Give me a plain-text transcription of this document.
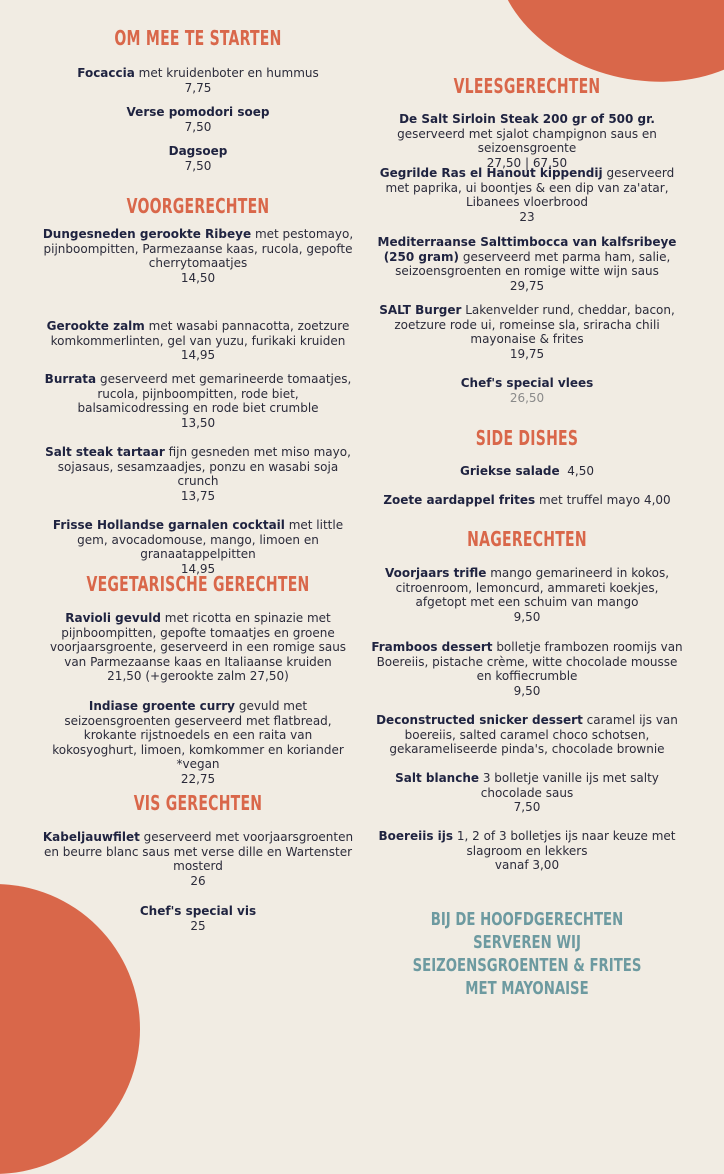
OM MEE TE STARTEN
Focaccia met kruidenboter en hummus
7,75
Verse pomodori soep
7,50
Dagsoep
7,50
VOORGERECHTEN
Dungesneden gerookte Ribeye met pestomayo, pijnboompitten, Parmezaanse kaas, rucola, gepofte cherrytomaatjes
14,50
Gerookte zalm met wasabi pannacotta, zoetzure komkommerlinten, gel van yuzu, furikaki kruiden
14,95
Burrata geserveerd met gemarineerde tomaatjes, rucola, pijnboompitten, rode biet, balsamicodressing en rode biet crumble
13,50
Salt steak tartaar fijn gesneden met miso mayo, sojasaus, sesamzaadjes, ponzu en wasabi soja crunch
13,75
Frisse Hollandse garnalen cocktail met little gem, avocadomouse, mango, limoen en granaatappelpitten
14,95
VEGETARISCHE GERECHTEN
Ravioli gevuld met ricotta en spinazie met pijnboompitten, gepofte tomaatjes en groene voorjaarsgroente, geserveerd in een romige saus van Parmezaanse kaas en Italiaanse kruiden
21,50 (+gerookte zalm 27,50)
Indiase groente curry gevuld met seizoensgroenten geserveerd met flatbread, krokante rijstnoedels en een raita van kokosyoghurt, limoen, komkommer en koriander *vegan
22,75
VIS GERECHTEN
Kabeljauwfilet geserveerd met voorjaarsgroenten en beurre blanc saus met verse dille en Wartenster mosterd
26
Chef's special vis
25
VLEESGERECHTEN
De Salt Sirloin Steak 200 gr of 500 gr. geserveerd met sjalot champignon saus en seizoensgroente
27,50 | 67,50
Gegrilde Ras el Hanout kippendij geserveerd met paprika, ui boontjes & een dip van za'atar, Libanees vloerbrood
23
Mediterraanse Salttimbocca van kalfsribeye (250 gram) geserveerd met parma ham, salie, seizoensgroenten en romige witte wijn saus
29,75
SALT Burger Lakenvelder rund, cheddar, bacon, zoetzure rode ui, romeinse sla, sriracha chili mayonaise & frites
19,75
Chef's special vlees
26,50
SIDE DISHES
Griekse salade 4,50
Zoete aardappel frites met truffel mayo 4,00
NAGERECHTEN
Voorjaars trifle mango gemarineerd in kokos, citroenroom, lemoncurd, ammareti koekjes, afgetopt met een schuim van mango
9,50
Framboos dessert bolletje frambozen roomijs van Boereiis, pistache crème, witte chocolade mousse en koffiecrumble
9,50
Deconstructed snicker dessert caramel ijs van boereiis, salted caramel choco schotsen, gekarameliseerde pinda's, chocolade brownie
Salt blanche 3 bolletje vanille ijs met salty chocolade saus
7,50
Boereiis ijs 1, 2 of 3 bolletjes ijs naar keuze met slagroom en lekkers
vanaf 3,00
BIJ DE HOOFDGERECHTEN SERVEREN WIJ SEIZOENSGROENTEN & FRITES MET MAYONAISE
